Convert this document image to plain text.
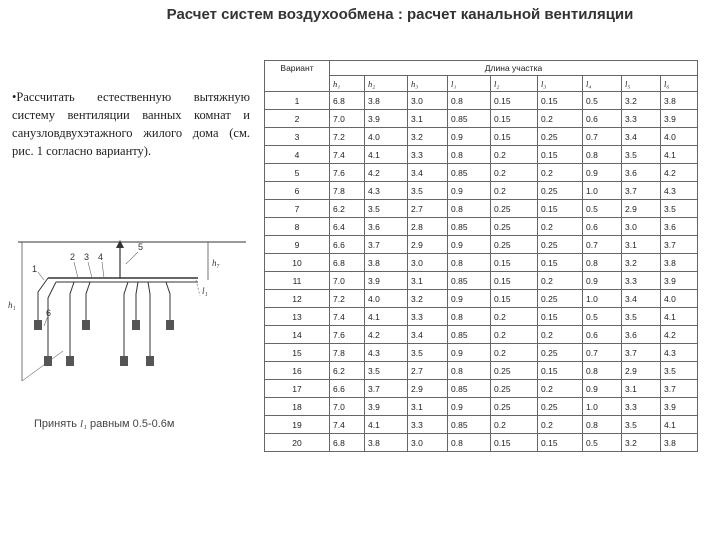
Расчет систем воздухообмена : расчет канальной вентиляции
•Рассчитать естественную вытяжную систему вентиляции ванных комнат и санузловдвухэтажного жилого дома (см. рис. 1 согласно варианту).
1
2 3 4
5
6
h₁
h₇
l₁
Принять l₁ равным 0.5-0.6м
Вариант	Длина участка								
	h₁	h₂	h₃	l₁	l₂	l₃	l₄	l₅	l₆
1	6.8	3.8	3.0	0.8	0.15	0.15	0.5	3.2	3.8
2	7.0	3.9	3.1	0.85	0.15	0.2	0.6	3.3	3.9
3	7.2	4.0	3.2	0.9	0.15	0.25	0.7	3.4	4.0
4	7.4	4.1	3.3	0.8	0.2	0.15	0.8	3.5	4.1
5	7.6	4.2	3.4	0.85	0.2	0.2	0.9	3.6	4.2
6	7.8	4.3	3.5	0.9	0.2	0.25	1.0	3.7	4.3
7	6.2	3.5	2.7	0.8	0.25	0.15	0.5	2.9	3.5
8	6.4	3.6	2.8	0.85	0.25	0.2	0.6	3.0	3.6
9	6.6	3.7	2.9	0.9	0.25	0.25	0.7	3.1	3.7
10	6.8	3.8	3.0	0.8	0.15	0.15	0.8	3.2	3.8
11	7.0	3.9	3.1	0.85	0.15	0.2	0.9	3.3	3.9
12	7.2	4.0	3.2	0.9	0.15	0.25	1.0	3.4	4.0
13	7.4	4.1	3.3	0.8	0.2	0.15	0.5	3.5	4.1
14	7.6	4.2	3.4	0.85	0.2	0.2	0.6	3.6	4.2
15	7.8	4.3	3.5	0.9	0.2	0.25	0.7	3.7	4.3
16	6.2	3.5	2.7	0.8	0.25	0.15	0.8	2.9	3.5
17	6.6	3.7	2.9	0.85	0.25	0.2	0.9	3.1	3.7
18	7.0	3.9	3.1	0.9	0.25	0.25	1.0	3.3	3.9
19	7.4	4.1	3.3	0.85	0.2	0.2	0.8	3.5	4.1
20	6.8	3.8	3.0	0.8	0.15	0.15	0.5	3.2	3.8
